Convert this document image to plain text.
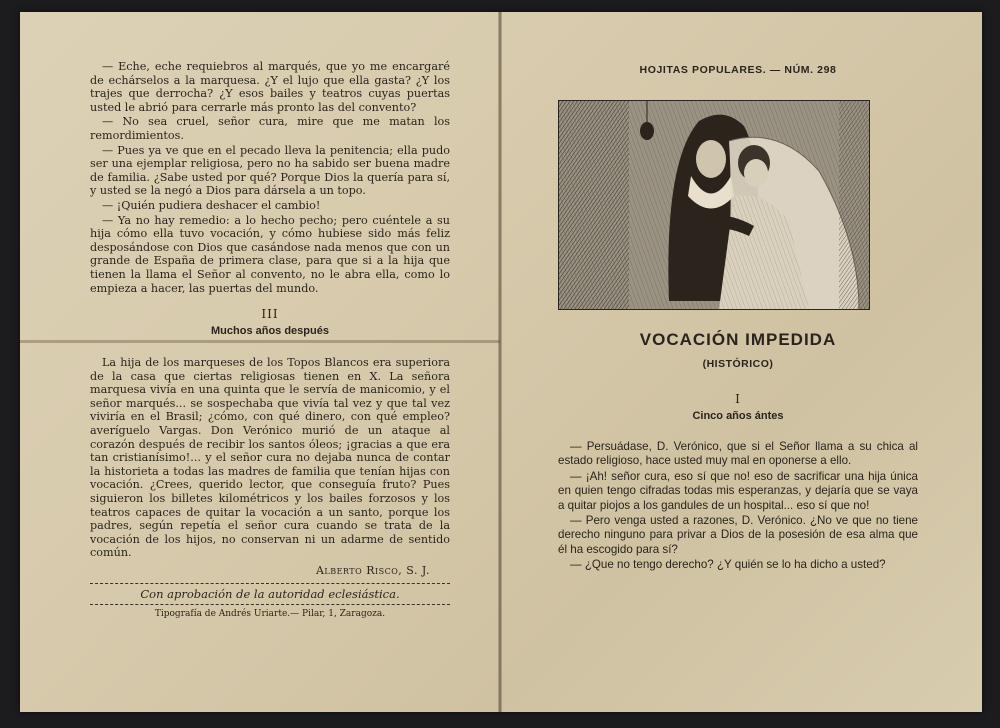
— Eche, eche requiebros al marqués, que yo me encargaré de echárselos a la marquesa. ¿Y el lujo que ella gasta? ¿Y los trajes que derrocha? ¿Y esos bailes y teatros cuyas puertas usted le abrió para cerrarle más pronto las del convento?

— No sea cruel, señor cura, mire que me matan los remordimientos.

— Pues ya ve que en el pecado lleva la penitencia; ella pudo ser una ejemplar religiosa, pero no ha sabido ser buena madre de familia. ¿Sabe usted por qué? Porque Dios la quería para sí, y usted se la negó a Dios para dársela a un topo.

— ¡Quién pudiera deshacer el cambio!

— Ya no hay remedio: a lo hecho pecho; pero cuéntele a su hija cómo ella tuvo vocación, y cómo hubiese sido más feliz desposándose con Dios que casándose nada menos que con un grande de España de primera clase, para que si a la hija que tienen la llama el Señor al convento, no le abra ella, como lo empieza a hacer, las puertas del mundo.

III
Muchos años después

La hija de los marqueses de los Topos Blancos era superiora de la casa que ciertas religiosas tienen en X. La señora marquesa vivía en una quinta que le servía de manicomio, y el señor marqués... se sospechaba que vivía tal vez y que tal vez viviría en el Brasil; ¿cómo, con qué dinero, con qué empleo? averíguelo Vargas. Don Verónico murió de un ataque al corazón después de recibir los santos óleos; ¡gracias a que era tan cristianísimo!... y el señor cura no dejaba nunca de contar la historieta a todas las madres de familia que tenían hijas con vocación. ¿Crees, querido lector, que conseguía fruto? Pues siguieron los billetes kilométricos y los bailes forzosos y los teatros capaces de quitar la vocación a un santo, porque los padres, según repetía el señor cura cuando se trata de la vocación de los hijos, no conservan ni un adarme de sentido común.

Alberto Risco, S. J.
Con aprobación de la autoridad eclesiástica.
Tipografía de Andrés Uriarte.— Pilar, 1, Zaragoza.
HOJITAS POPULARES. — NÚM. 298
VOCACIÓN IMPEDIDA
(HISTÓRICO)
I
Cinco años ántes

— Persuádase, D. Verónico, que si el Señor llama a su chica al estado religioso, hace usted muy mal en oponerse a ello.

— ¡Ah! señor cura, eso sí que no! eso de sacrificar una hija única en quien tengo cifradas todas mis esperanzas, y dejaría que se vaya a quitar piojos a los gandules de un hospital... eso sí que no!

— Pero venga usted a razones, D. Verónico. ¿No ve que no tiene derecho ninguno para privar a Dios de la posesión de esa alma que él ha escogido para sí?

— ¿Que no tengo derecho? ¿Y quién se lo ha dicho a usted?
